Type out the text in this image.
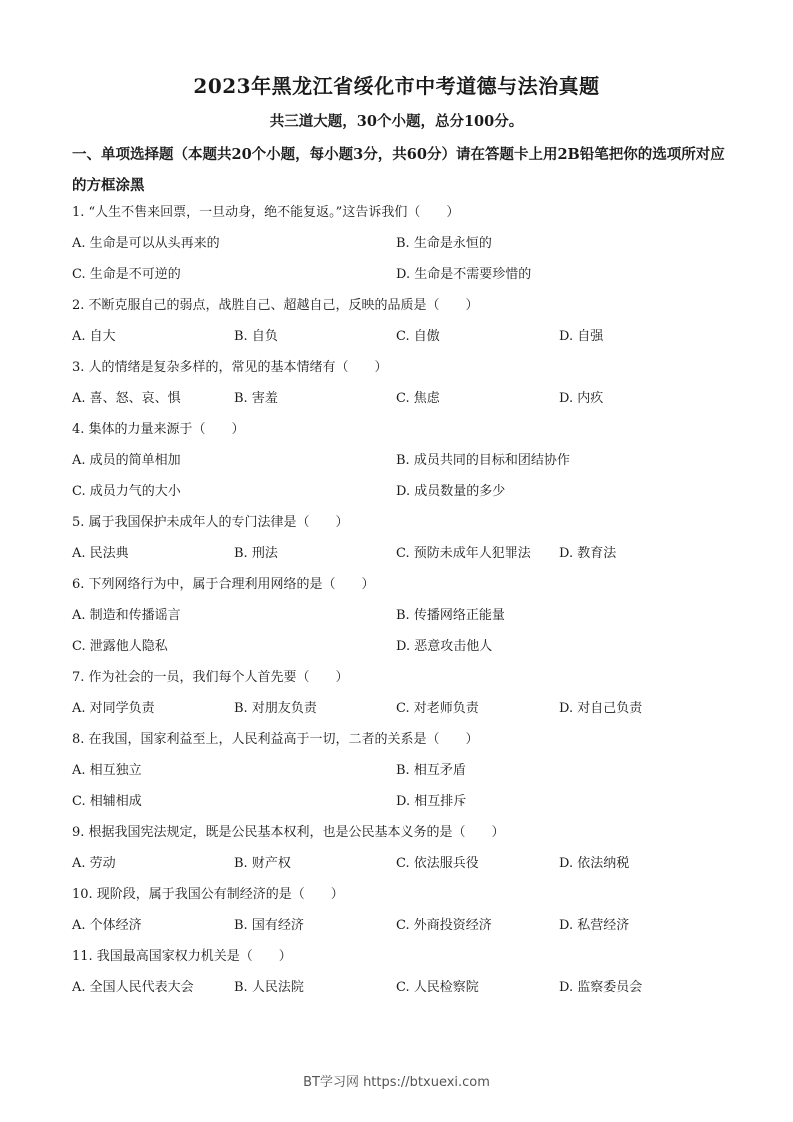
2023年黑龙江省绥化市中考道德与法治真题
共三道大题，30个小题，总分100分。
一、单项选择题（本题共20个小题，每小题3分，共60分）请在答题卡上用2B铅笔把你的选项所对应的方框涂黑
1. “人生不售来回票，一旦动身，绝不能复返。”这告诉我们（　　）
A. 生命是可以从头再来的	B. 生命是永恒的
C. 生命是不可逆的	D. 生命是不需要珍惜的
2. 不断克服自己的弱点，战胜自己、超越自己，反映的品质是（　　）
A. 自大	B. 自负	C. 自傲	D. 自强
3. 人的情绪是复杂多样的，常见的基本情绪有（　　）
A. 喜、怒、哀、惧	B. 害羞	C. 焦虑	D. 内疚
4. 集体的力量来源于（　　）
A. 成员的简单相加	B. 成员共同的目标和团结协作
C. 成员力气的大小	D. 成员数量的多少
5. 属于我国保护未成年人的专门法律是（　　）
A. 民法典	B. 刑法	C. 预防未成年人犯罪法 D. 教育法
6. 下列网络行为中，属于合理利用网络的是（　　）
A. 制造和传播谣言	B. 传播网络正能量
C. 泄露他人隐私	D. 恶意攻击他人
7. 作为社会的一员，我们每个人首先要（　　）
A. 对同学负责	B. 对朋友负责	C. 对老师负责	D. 对自己负责
8. 在我国，国家利益至上，人民利益高于一切，二者的关系是（　　）
A. 相互独立	B. 相互矛盾
C. 相辅相成	D. 相互排斥
9. 根据我国宪法规定，既是公民基本权利，也是公民基本义务的是（　　）
A. 劳动	B. 财产权	C. 依法服兵役	D. 依法纳税
10. 现阶段，属于我国公有制经济的是（　　）
A. 个体经济	B. 国有经济	C. 外商投资经济	D. 私营经济
11. 我国最高国家权力机关是（　　）
A. 全国人民代表大会	B. 人民法院	C. 人民检察院	D. 监察委员会
BT学习网 https://btxuexi.com
